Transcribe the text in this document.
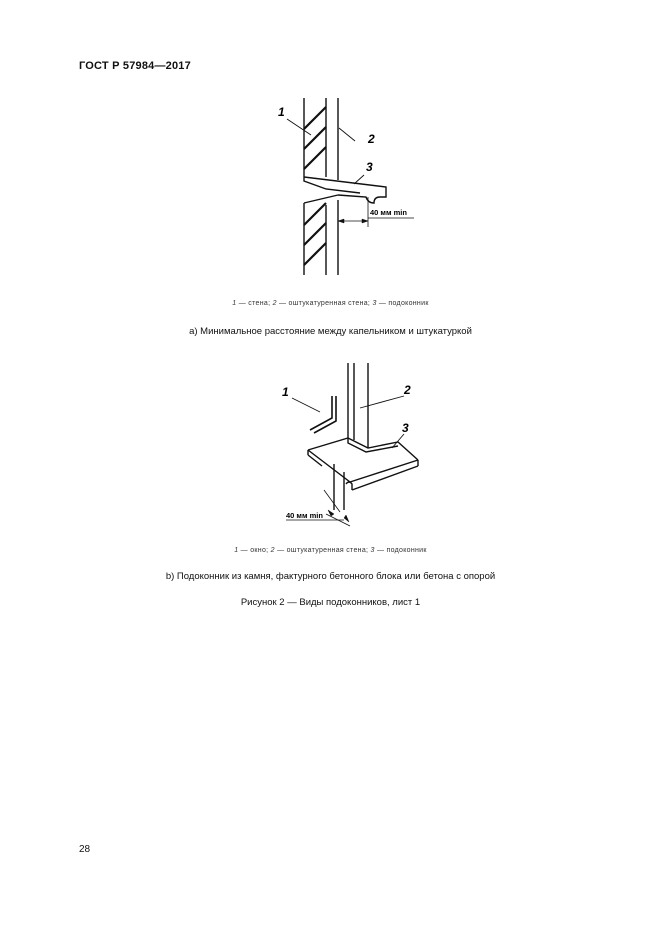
ГОСТ Р 57984—2017
1
2
3
40 мм min
1 — стена; 2 — оштукатуренная стена; 3 — подоконник
а) Минимальное расстояние между капельником и штукатуркой
1	2
3
40 мм min
1 — окно; 2 — оштукатуренная стена; 3 — подоконник
b) Подоконник из камня, фактурного бетонного блока или бетона с опорой
Рисунок 2 — Виды подоконников, лист 1
28
